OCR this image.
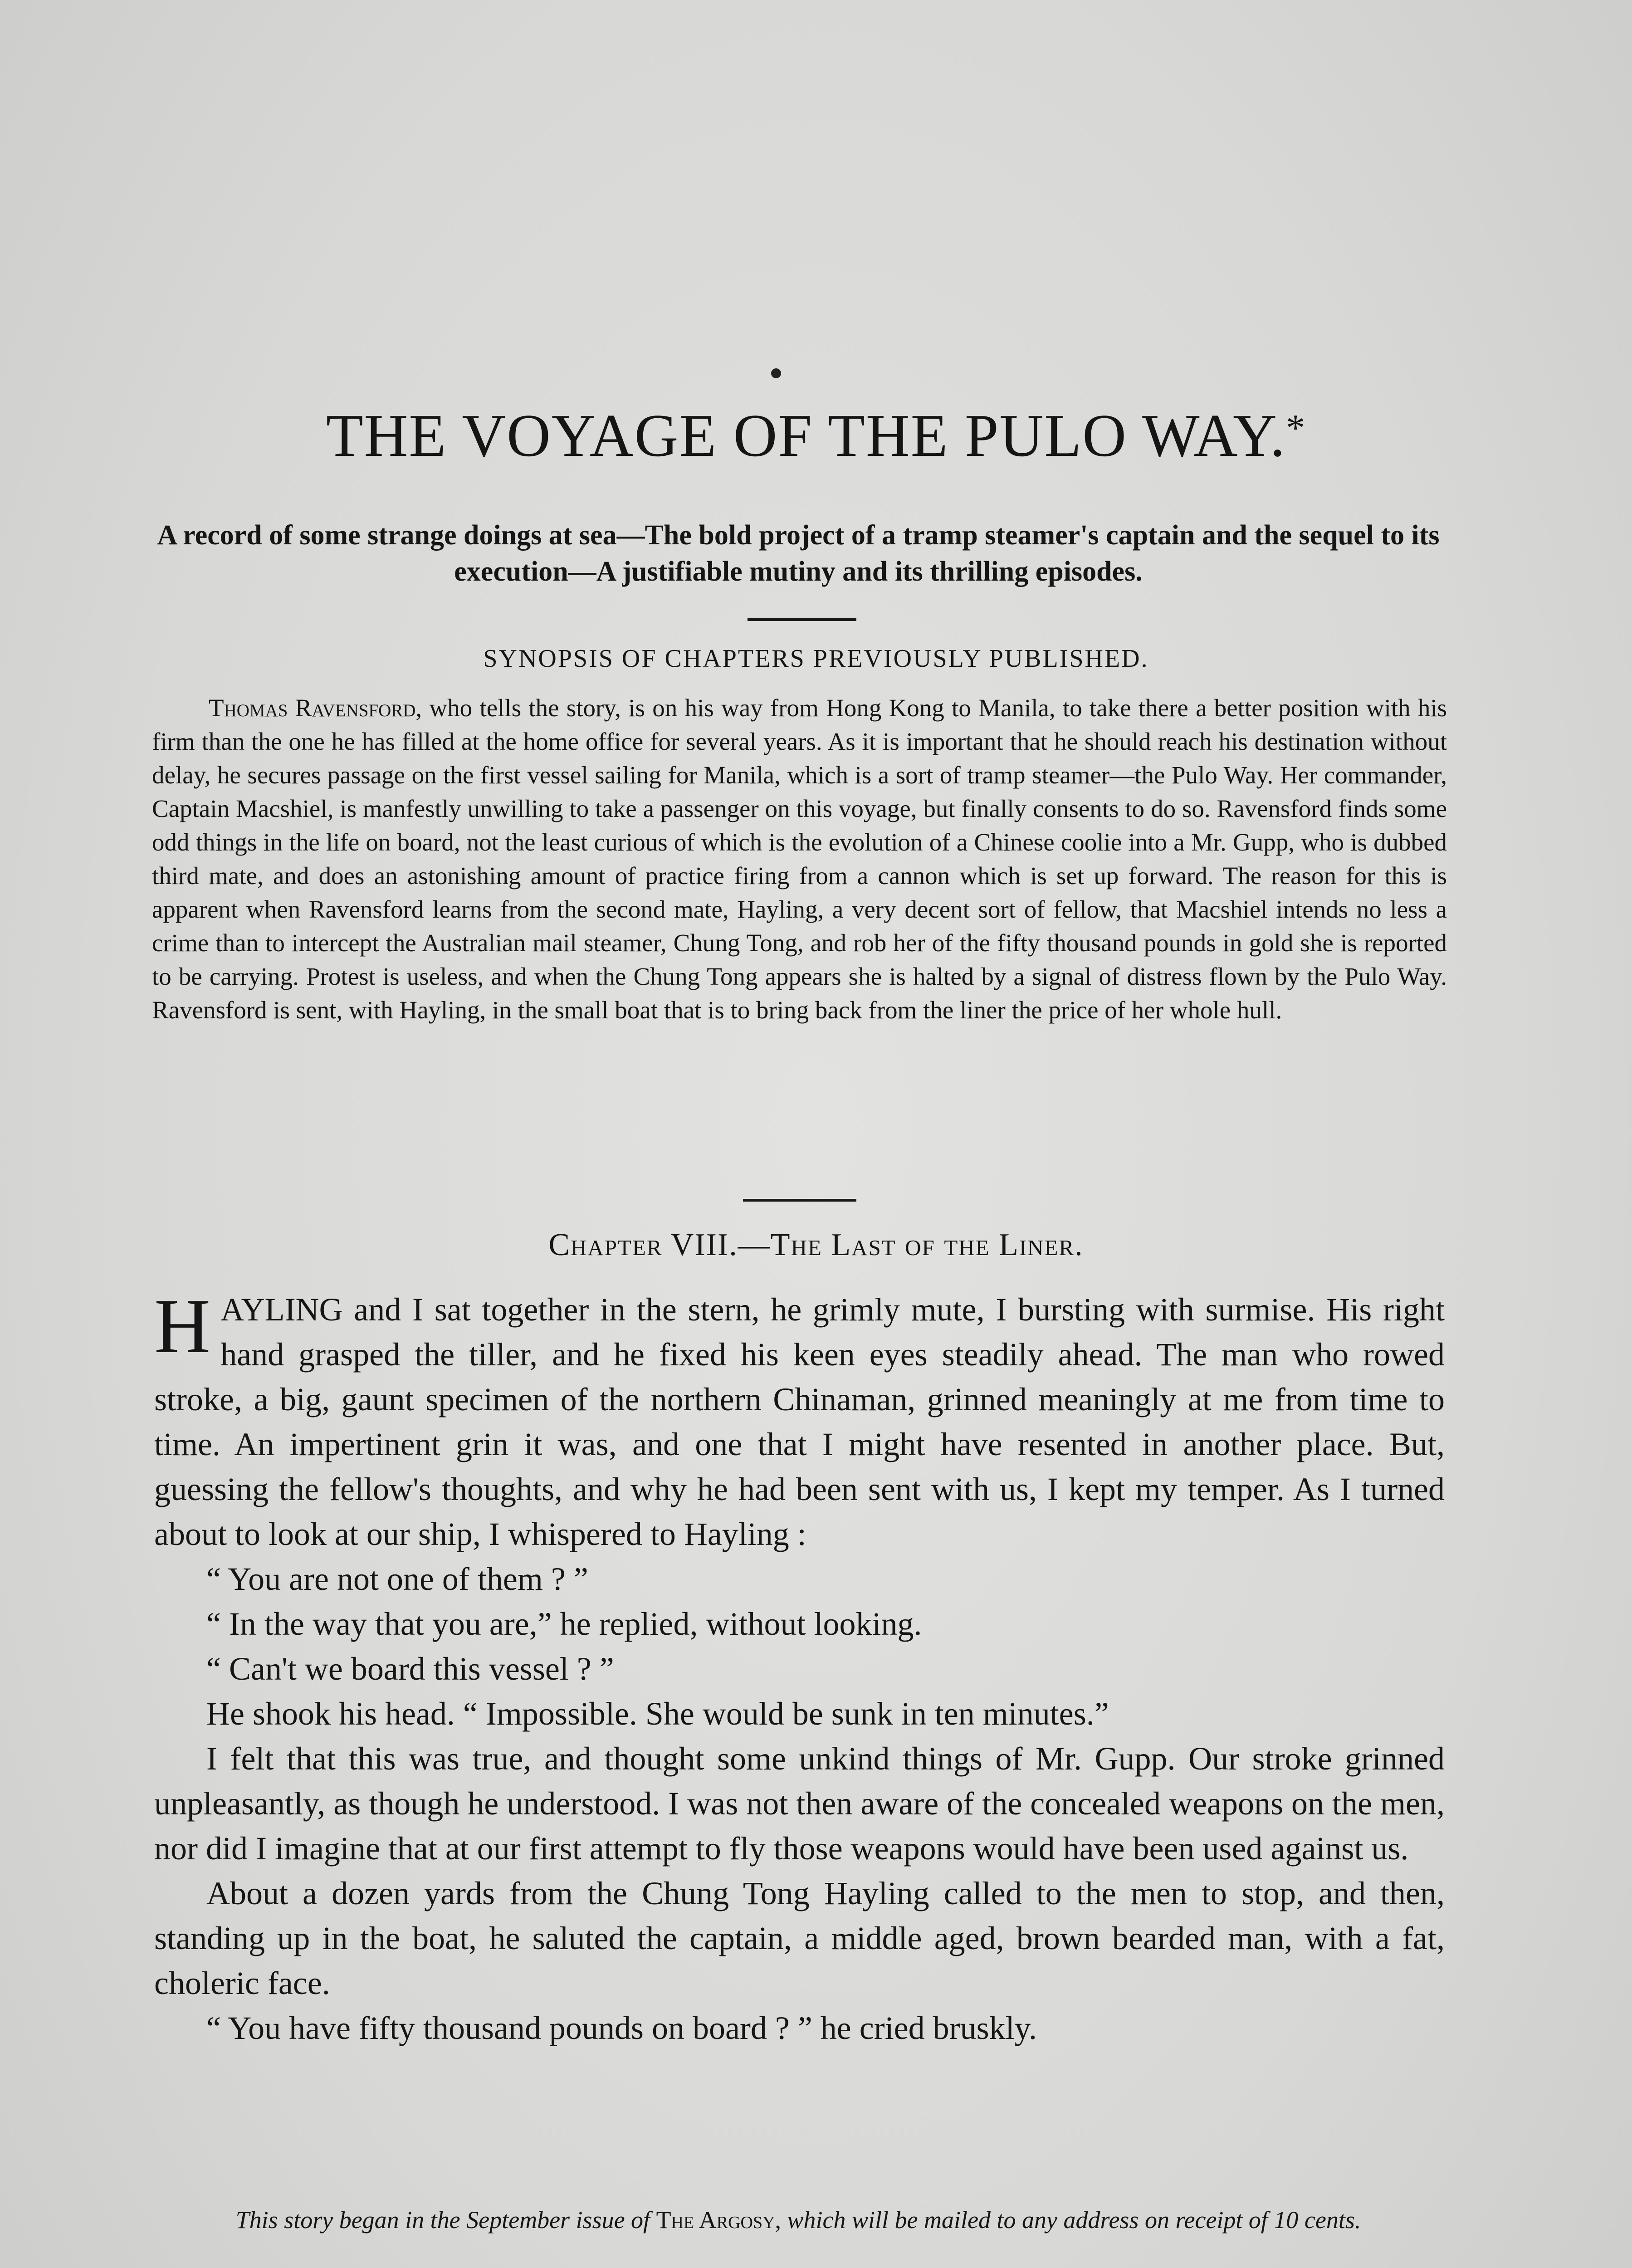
THE VOYAGE OF THE PULO WAY.*
A record of some strange doings at sea—The bold project of a tramp steamer's captain and the sequel to its execution—A justifiable mutiny and its thrilling episodes.
SYNOPSIS OF CHAPTERS PREVIOUSLY PUBLISHED.

Thomas Ravensford, who tells the story, is on his way from Hong Kong to Manila, to take there a better position with his firm than the one he has filled at the home office for several years. As it is important that he should reach his destination without delay, he secures passage on the first vessel sailing for Manila, which is a sort of tramp steamer—the Pulo Way. Her commander, Captain Macshiel, is manfestly unwilling to take a passenger on this voyage, but finally consents to do so. Ravensford finds some odd things in the life on board, not the least curious of which is the evolution of a Chinese coolie into a Mr. Gupp, who is dubbed third mate, and does an astonishing amount of practice firing from a cannon which is set up forward. The reason for this is apparent when Ravensford learns from the second mate, Hayling, a very decent sort of fellow, that Macshiel intends no less a crime than to intercept the Australian mail steamer, Chung Tong, and rob her of the fifty thousand pounds in gold she is reported to be carrying. Protest is useless, and when the Chung Tong appears she is halted by a signal of distress flown by the Pulo Way. Ravensford is sent, with Hayling, in the small boat that is to bring back from the liner the price of her whole hull.

Chapter VIII.—The Last of the Liner.

HAYLING and I sat together in the stern, he grimly mute, I bursting with surmise. His right hand grasped the tiller, and he fixed his keen eyes steadily ahead. The man who rowed stroke, a big, gaunt specimen of the northern Chinaman, grinned meaningly at me from time to time. An impertinent grin it was, and one that I might have resented in another place. But, guessing the fellow's thoughts, and why he had been sent with us, I kept my temper. As I turned about to look at our ship, I whispered to Hayling :

“ You are not one of them ? ”

“ In the way that you are,” he replied, without looking.

“ Can't we board this vessel ? ”

He shook his head. “ Impossible. She would be sunk in ten minutes.”

I felt that this was true, and thought some unkind things of Mr. Gupp. Our stroke grinned unpleasantly, as though he understood. I was not then aware of the concealed weapons on the men, nor did I imagine that at our first attempt to fly those weapons would have been used against us.

About a dozen yards from the Chung Tong Hayling called to the men to stop, and then, standing up in the boat, he saluted the captain, a middle aged, brown bearded man, with a fat, choleric face.

“ You have fifty thousand pounds on board ? ” he cried bruskly.

This story began in the September issue of The Argosy, which will be mailed to any address on receipt of 10 cents.
